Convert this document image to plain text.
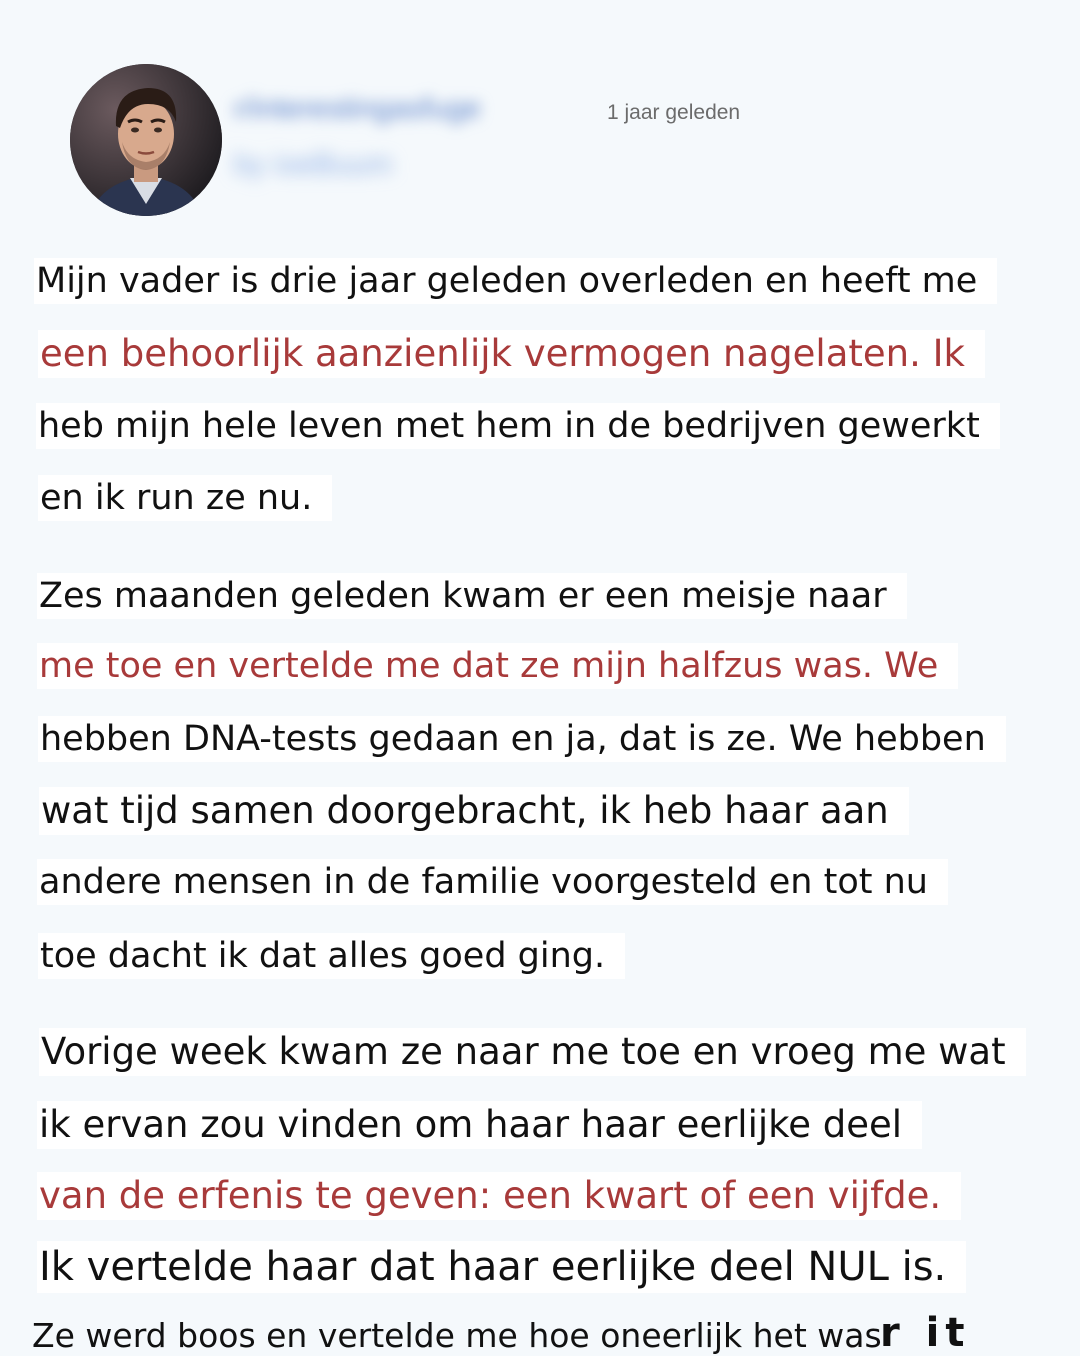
r/interestingasfuge
by ioeBuum
1 jaar geleden
Mijn vader is drie jaar geleden overleden en heeft me
een behoorlijk aanzienlijk vermogen nagelaten. Ik
heb mijn hele leven met hem in de bedrijven gewerkt
en ik run ze nu.
Zes maanden geleden kwam er een meisje naar
me toe en vertelde me dat ze mijn halfzus was. We
hebben DNA-tests gedaan en ja, dat is ze. We hebben
wat tijd samen doorgebracht, ik heb haar aan
andere mensen in de familie voorgesteld en tot nu
toe dacht ik dat alles goed ging.
Vorige week kwam ze naar me toe en vroeg me wat
ik ervan zou vinden om haar haar eerlijke deel
van de erfenis te geven: een kwart of een vijfde.
Ik vertelde haar dat haar eerlijke deel NUL is.
Ze werd boos en vertelde me hoe oneerlijk het was
r it
